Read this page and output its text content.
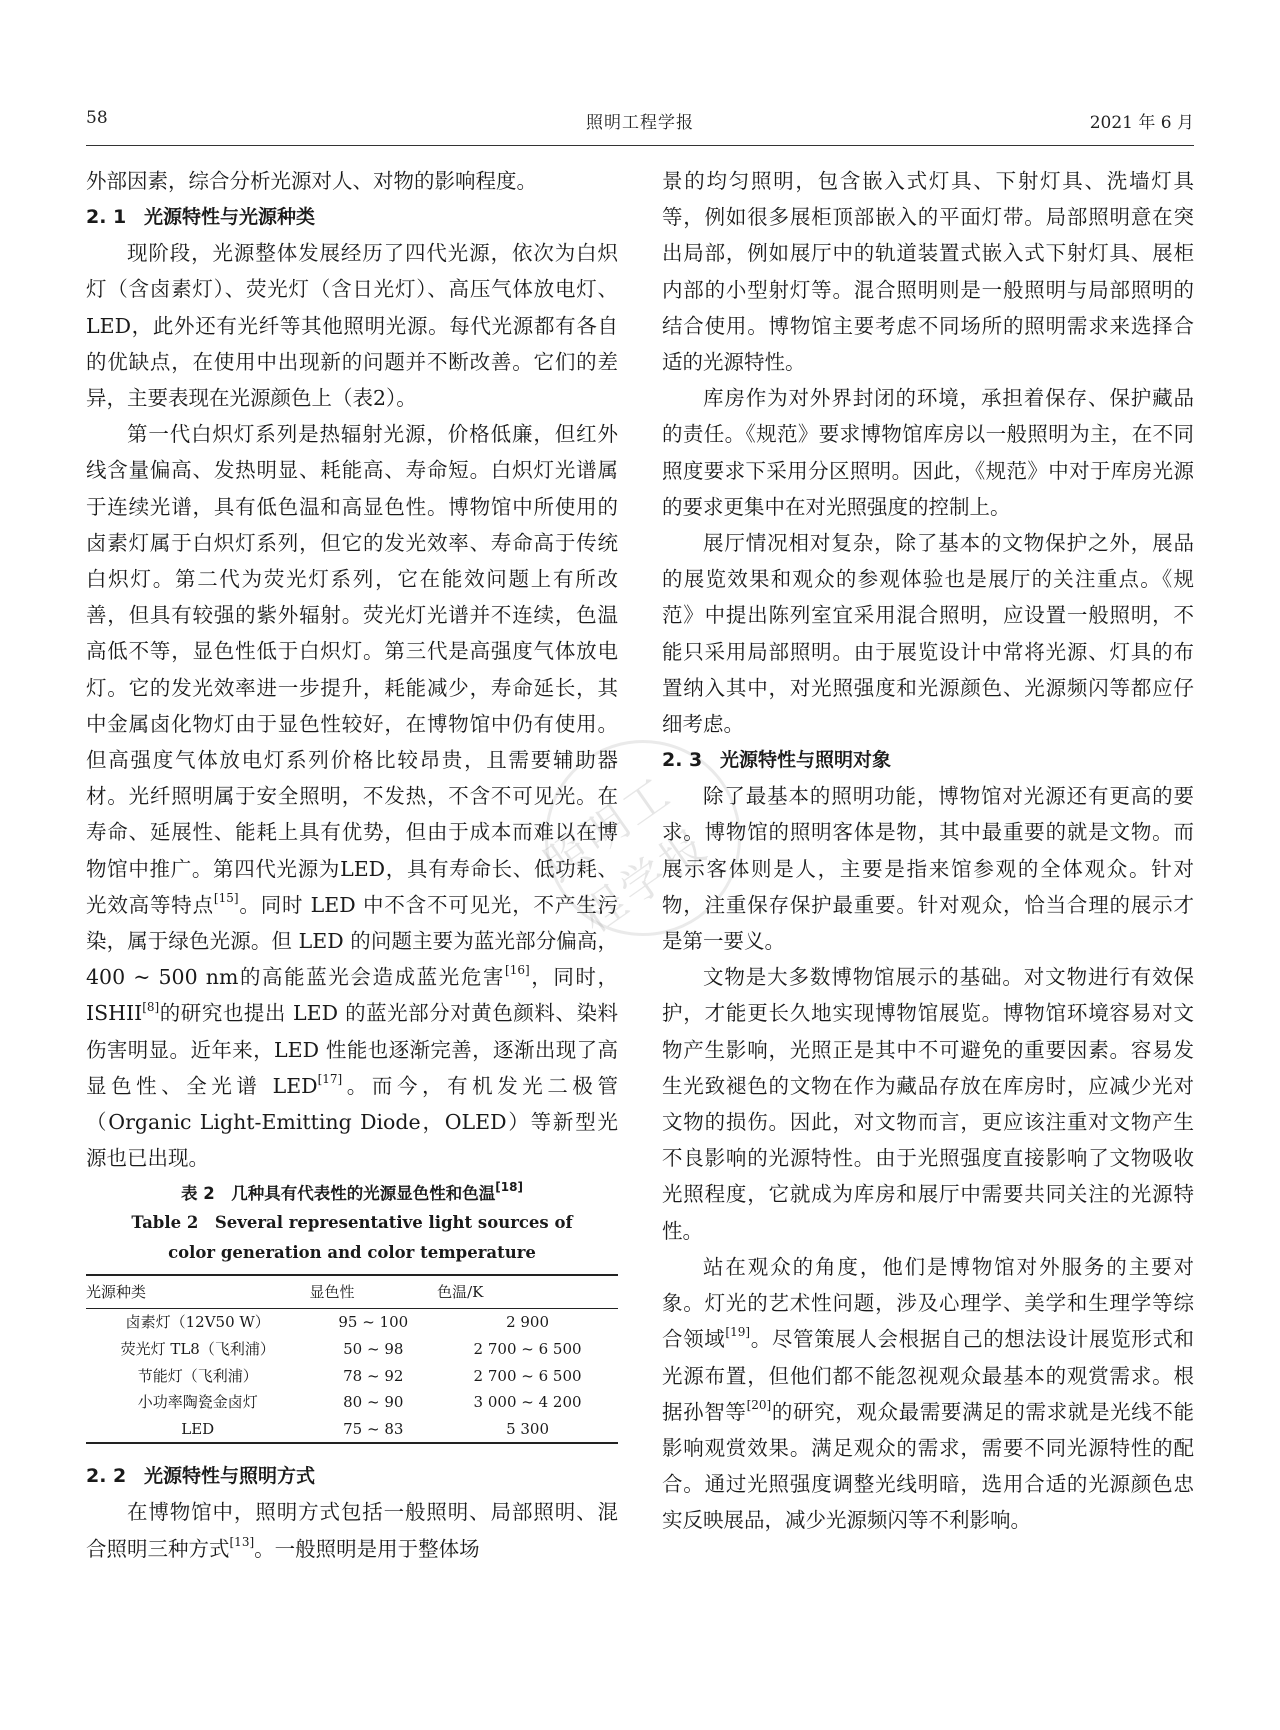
58	照明工程学报	2021 年 6 月
照明工程学报

外部因素，综合分析光源对人、对物的影响程度。

2. 1 光源特性与光源种类

现阶段，光源整体发展经历了四代光源，依次为白炽灯（含卤素灯）、荧光灯（含日光灯）、高压气体放电灯、LED，此外还有光纤等其他照明光源。每代光源都有各自的优缺点，在使用中出现新的问题并不断改善。它们的差异，主要表现在光源颜色上（表2）。

第一代白炽灯系列是热辐射光源，价格低廉，但红外线含量偏高、发热明显、耗能高、寿命短。白炽灯光谱属于连续光谱，具有低色温和高显色性。博物馆中所使用的卤素灯属于白炽灯系列，但它的发光效率、寿命高于传统白炽灯。第二代为荧光灯系列，它在能效问题上有所改善，但具有较强的紫外辐射。荧光灯光谱并不连续，色温高低不等，显色性低于白炽灯。第三代是高强度气体放电灯。它的发光效率进一步提升，耗能减少，寿命延长，其中金属卤化物灯由于显色性较好，在博物馆中仍有使用。但高强度气体放电灯系列价格比较昂贵，且需要辅助器材。光纤照明属于安全照明，不发热，不含不可见光。在寿命、延展性、能耗上具有优势，但由于成本而难以在博物馆中推广。第四代光源为LED，具有寿命长、低功耗、光效高等特点[15]。同时 LED 中不含不可见光，不产生污染，属于绿色光源。但 LED 的问题主要为蓝光部分偏高，400 ~ 500 nm的高能蓝光会造成蓝光危害[16]，同时，ISHII[8]的研究也提出 LED 的蓝光部分对黄色颜料、染料伤害明显。近年来，LED 性能也逐渐完善，逐渐出现了高显色性、全光谱 LED[17]。而今，有机发光二极管（Organic Light-Emitting Diode，OLED）等新型光源也已出现。

表 2　几种具有代表性的光源显色性和色温[18]
Table 2　Several representative light sources of color generation and color temperature
光源种类	显色性	色温/K
卤素灯（12V50 W）	95 ~ 100	2 900
荧光灯 TL8（飞利浦）	50 ~ 98	2 700 ~ 6 500
节能灯（飞利浦）	78 ~ 92	2 700 ~ 6 500
小功率陶瓷金卤灯	80 ~ 90	3 000 ~ 4 200
LED	75 ~ 83	5 300
2. 2 光源特性与照明方式

在博物馆中，照明方式包括一般照明、局部照明、混合照明三种方式[13]。一般照明是用于整体场

景的均匀照明，包含嵌入式灯具、下射灯具、洗墙灯具等，例如很多展柜顶部嵌入的平面灯带。局部照明意在突出局部，例如展厅中的轨道装置式嵌入式下射灯具、展柜内部的小型射灯等。混合照明则是一般照明与局部照明的结合使用。博物馆主要考虑不同场所的照明需求来选择合适的光源特性。

库房作为对外界封闭的环境，承担着保存、保护藏品的责任。《规范》要求博物馆库房以一般照明为主，在不同照度要求下采用分区照明。因此，《规范》中对于库房光源的要求更集中在对光照强度的控制上。

展厅情况相对复杂，除了基本的文物保护之外，展品的展览效果和观众的参观体验也是展厅的关注重点。《规范》中提出陈列室宜采用混合照明，应设置一般照明，不能只采用局部照明。由于展览设计中常将光源、灯具的布置纳入其中，对光照强度和光源颜色、光源频闪等都应仔细考虑。

2. 3 光源特性与照明对象

除了最基本的照明功能，博物馆对光源还有更高的要求。博物馆的照明客体是物，其中最重要的就是文物。而展示客体则是人，主要是指来馆参观的全体观众。针对物，注重保存保护最重要。针对观众，恰当合理的展示才是第一要义。

文物是大多数博物馆展示的基础。对文物进行有效保护，才能更长久地实现博物馆展览。博物馆环境容易对文物产生影响，光照正是其中不可避免的重要因素。容易发生光致褪色的文物在作为藏品存放在库房时，应减少光对文物的损伤。因此，对文物而言，更应该注重对文物产生不良影响的光源特性。由于光照强度直接影响了文物吸收光照程度，它就成为库房和展厅中需要共同关注的光源特性。

站在观众的角度，他们是博物馆对外服务的主要对象。灯光的艺术性问题，涉及心理学、美学和生理学等综合领域[19]。尽管策展人会根据自己的想法设计展览形式和光源布置，但他们都不能忽视观众最基本的观赏需求。根据孙智等[20]的研究，观众最需要满足的需求就是光线不能影响观赏效果。满足观众的需求，需要不同光源特性的配合。通过光照强度调整光线明暗，选用合适的光源颜色忠实反映展品，减少光源频闪等不利影响。
